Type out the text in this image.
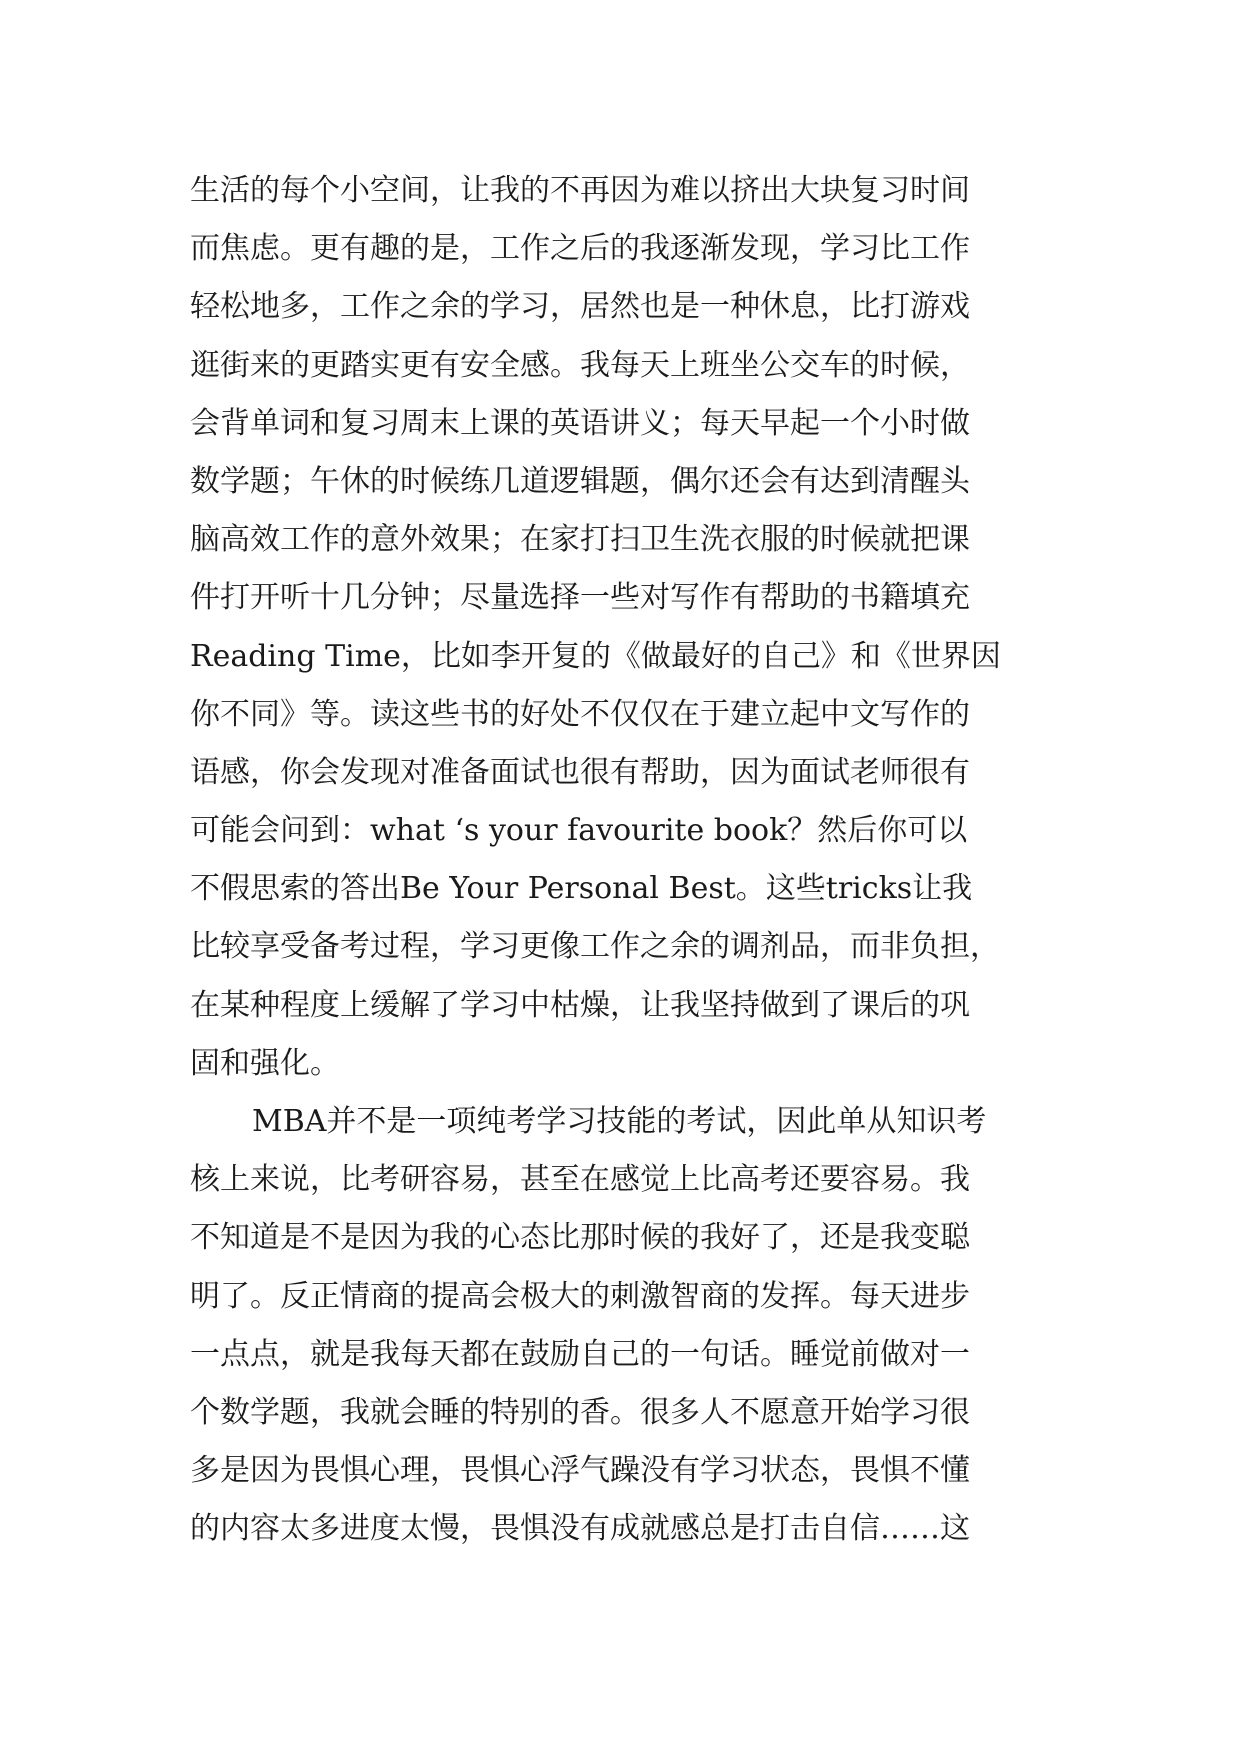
生活的每个小空间，让我的不再因为难以挤出大块复习时间
而焦虑。更有趣的是，工作之后的我逐渐发现，学习比工作
轻松地多，工作之余的学习，居然也是一种休息，比打游戏
逛街来的更踏实更有安全感。我每天上班坐公交车的时候，
会背单词和复习周末上课的英语讲义；每天早起一个小时做
数学题；午休的时候练几道逻辑题，偶尔还会有达到清醒头
脑高效工作的意外效果；在家打扫卫生洗衣服的时候就把课
件打开听十几分钟；尽量选择一些对写作有帮助的书籍填充
Reading Time，比如李开复的《做最好的自己》和《世界因
你不同》等。读这些书的好处不仅仅在于建立起中文写作的
语感，你会发现对准备面试也很有帮助，因为面试老师很有
可能会问到：what ‘s your favourite book？然后你可以
不假思索的答出Be Your Personal Best。这些tricks让我
比较享受备考过程，学习更像工作之余的调剂品，而非负担，
在某种程度上缓解了学习中枯燥，让我坚持做到了课后的巩
固和强化。
MBA并不是一项纯考学习技能的考试，因此单从知识考
核上来说，比考研容易，甚至在感觉上比高考还要容易。我
不知道是不是因为我的心态比那时候的我好了，还是我变聪
明了。反正情商的提高会极大的刺激智商的发挥。每天进步
一点点，就是我每天都在鼓励自己的一句话。睡觉前做对一
个数学题，我就会睡的特别的香。很多人不愿意开始学习很
多是因为畏惧心理，畏惧心浮气躁没有学习状态，畏惧不懂
的内容太多进度太慢，畏惧没有成就感总是打击自信……这
